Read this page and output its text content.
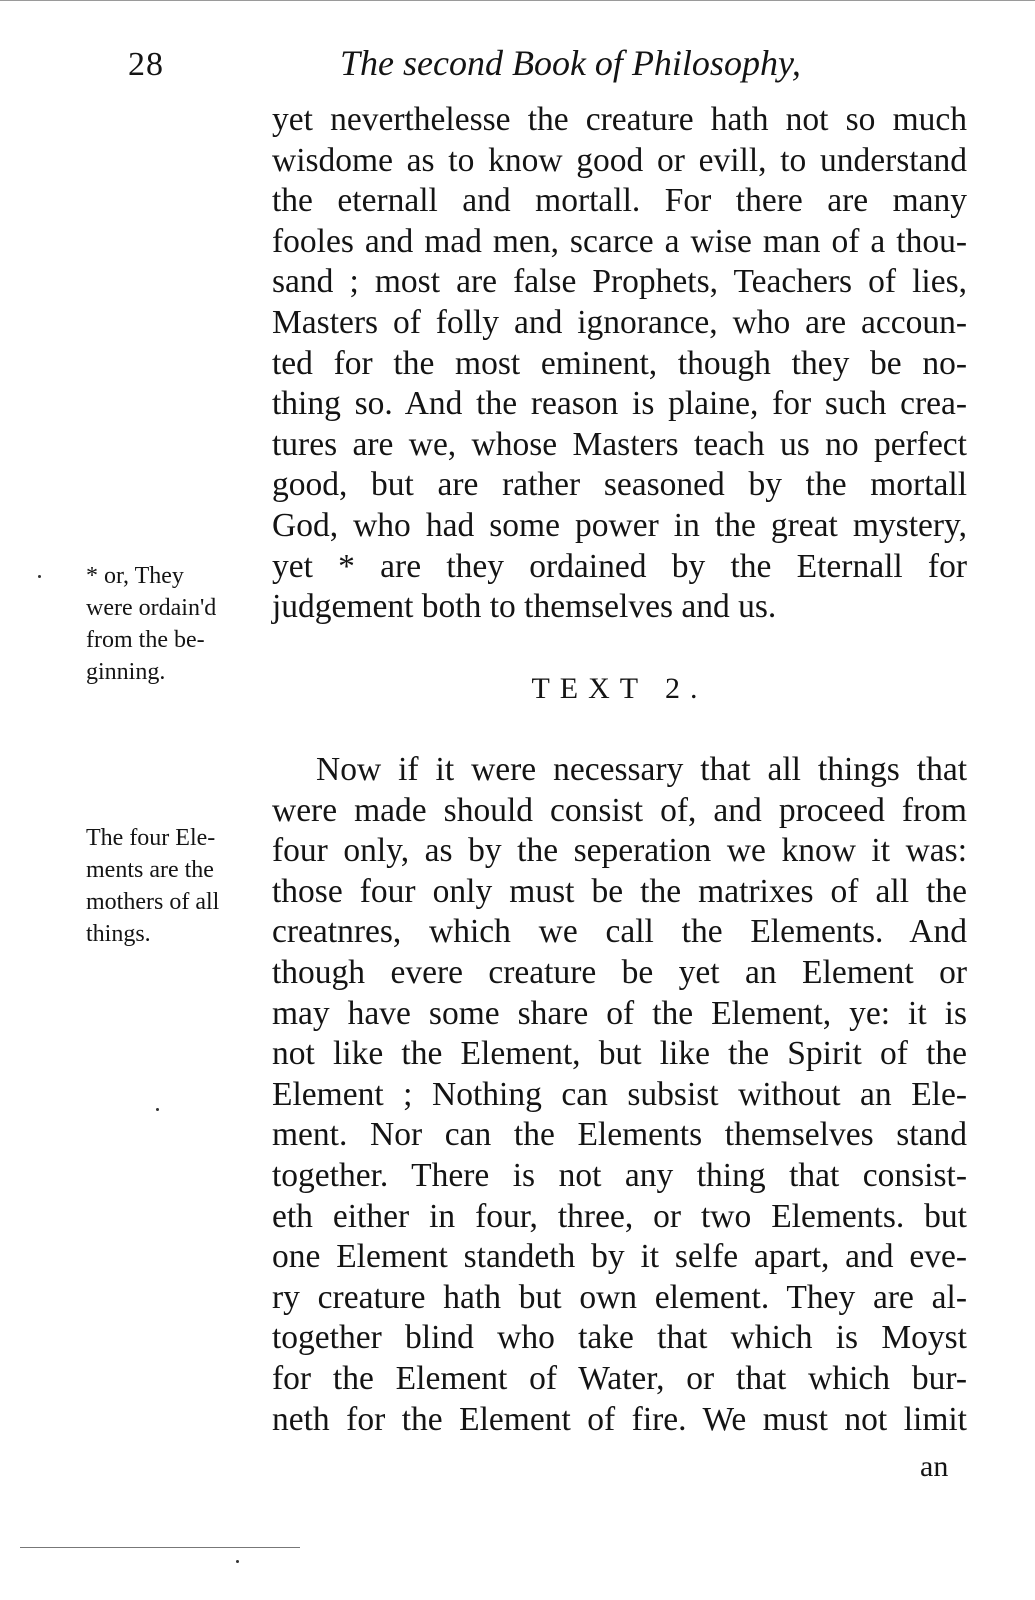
28	The second Book of Philosophy,
yet neverthelesse the creature hath not so much
wisdome as to know good or evill, to understand
the eternall and mortall. For there are many
fooles and mad men, scarce a wise man of a thou-
sand ; most are false Prophets, Teachers of lies,
Masters of folly and ignorance, who are accoun-
ted for the most eminent, though they be no-
thing so. And the reason is plaine, for such crea-
tures are we, whose Masters teach us no perfect
good, but are rather seasoned by the mortall
God, who had some power in the great mystery,
yet * are they ordained by the Eternall for
judgement both to themselves and us.
* or, They
were ordain'd
from the be-
ginning.	TEXT 2.
The four Ele-
ments are the
mothers of all
things.
Now if it were necessary that all things that
were made should consist of, and proceed from
four only, as by the seperation we know it was:
those four only must be the matrixes of all the
creatnres, which we call the Elements. And
though evere creature be yet an Element or
may have some share of the Element, ye: it is
not like the Element, but like the Spirit of the
Element ; Nothing can subsist without an Ele-
ment. Nor can the Elements themselves stand
together. There is not any thing that consist-
eth either in four, three, or two Elements. but
one Element standeth by it selfe apart, and eve-
ry creature hath but own element. They are al-
together blind who take that which is Moyst
for the Element of Water, or that which bur-
neth for the Element of fire. We must not limit
an
